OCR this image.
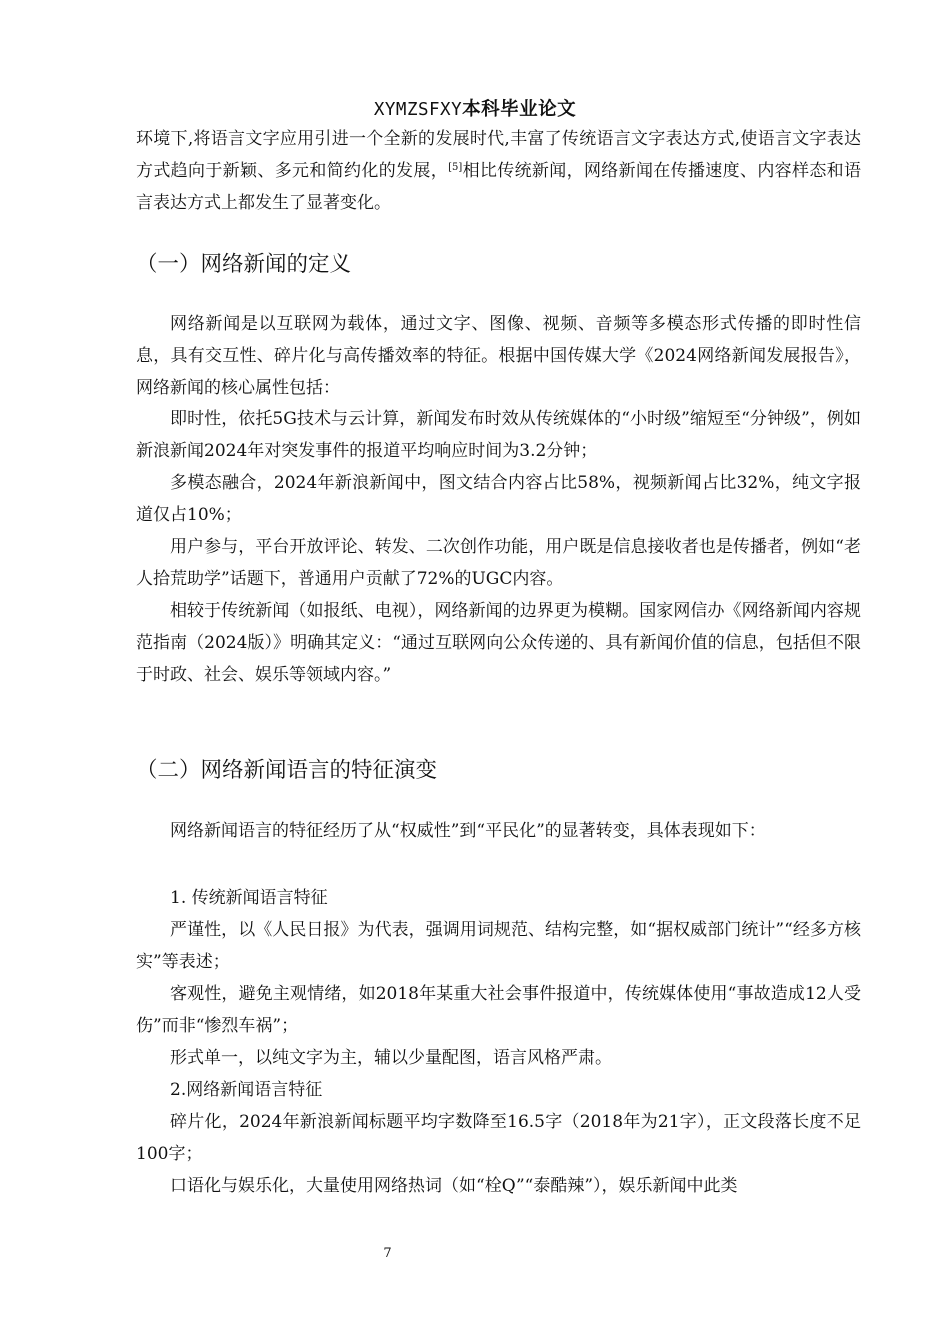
XYMZSFXY本科毕业论文

环境下,将语言文字应用引进一个全新的发展时代,丰富了传统语言文字表达方式,使语言文字表达方式趋向于新颖、多元和简约化的发展，[5]相比传统新闻，网络新闻在传播速度、内容样态和语言表达方式上都发生了显著变化。

（一）网络新闻的定义

网络新闻是以互联网为载体，通过文字、图像、视频、音频等多模态形式传播的即时性信息，具有交互性、碎片化与高传播效率的特征。根据中国传媒大学《2024网络新闻发展报告》，网络新闻的核心属性包括：

即时性，依托5G技术与云计算，新闻发布时效从传统媒体的“小时级”缩短至“分钟级”，例如新浪新闻2024年对突发事件的报道平均响应时间为3.2分钟；

多模态融合，2024年新浪新闻中，图文结合内容占比58%，视频新闻占比32%，纯文字报道仅占10%；

用户参与，平台开放评论、转发、二次创作功能，用户既是信息接收者也是传播者，例如“老人拾荒助学”话题下，普通用户贡献了72%的UGC内容。

相较于传统新闻（如报纸、电视），网络新闻的边界更为模糊。国家网信办《网络新闻内容规范指南（2024版）》明确其定义：“通过互联网向公众传递的、具有新闻价值的信息，包括但不限于时政、社会、娱乐等领域内容。”

（二）网络新闻语言的特征演变

网络新闻语言的特征经历了从“权威性”到“平民化”的显著转变，具体表现如下：

1. 传统新闻语言特征

严谨性，以《人民日报》为代表，强调用词规范、结构完整，如“据权威部门统计”“经多方核实”等表述；

客观性，避免主观情绪，如2018年某重大社会事件报道中，传统媒体使用“事故造成12人受伤”而非“惨烈车祸”；

形式单一，以纯文字为主，辅以少量配图，语言风格严肃。

2.网络新闻语言特征

碎片化，2024年新浪新闻标题平均字数降至16.5字（2018年为21字），正文段落长度不足100字；

口语化与娱乐化，大量使用网络热词（如“栓Q”“泰酷辣”），娱乐新闻中此类

7
